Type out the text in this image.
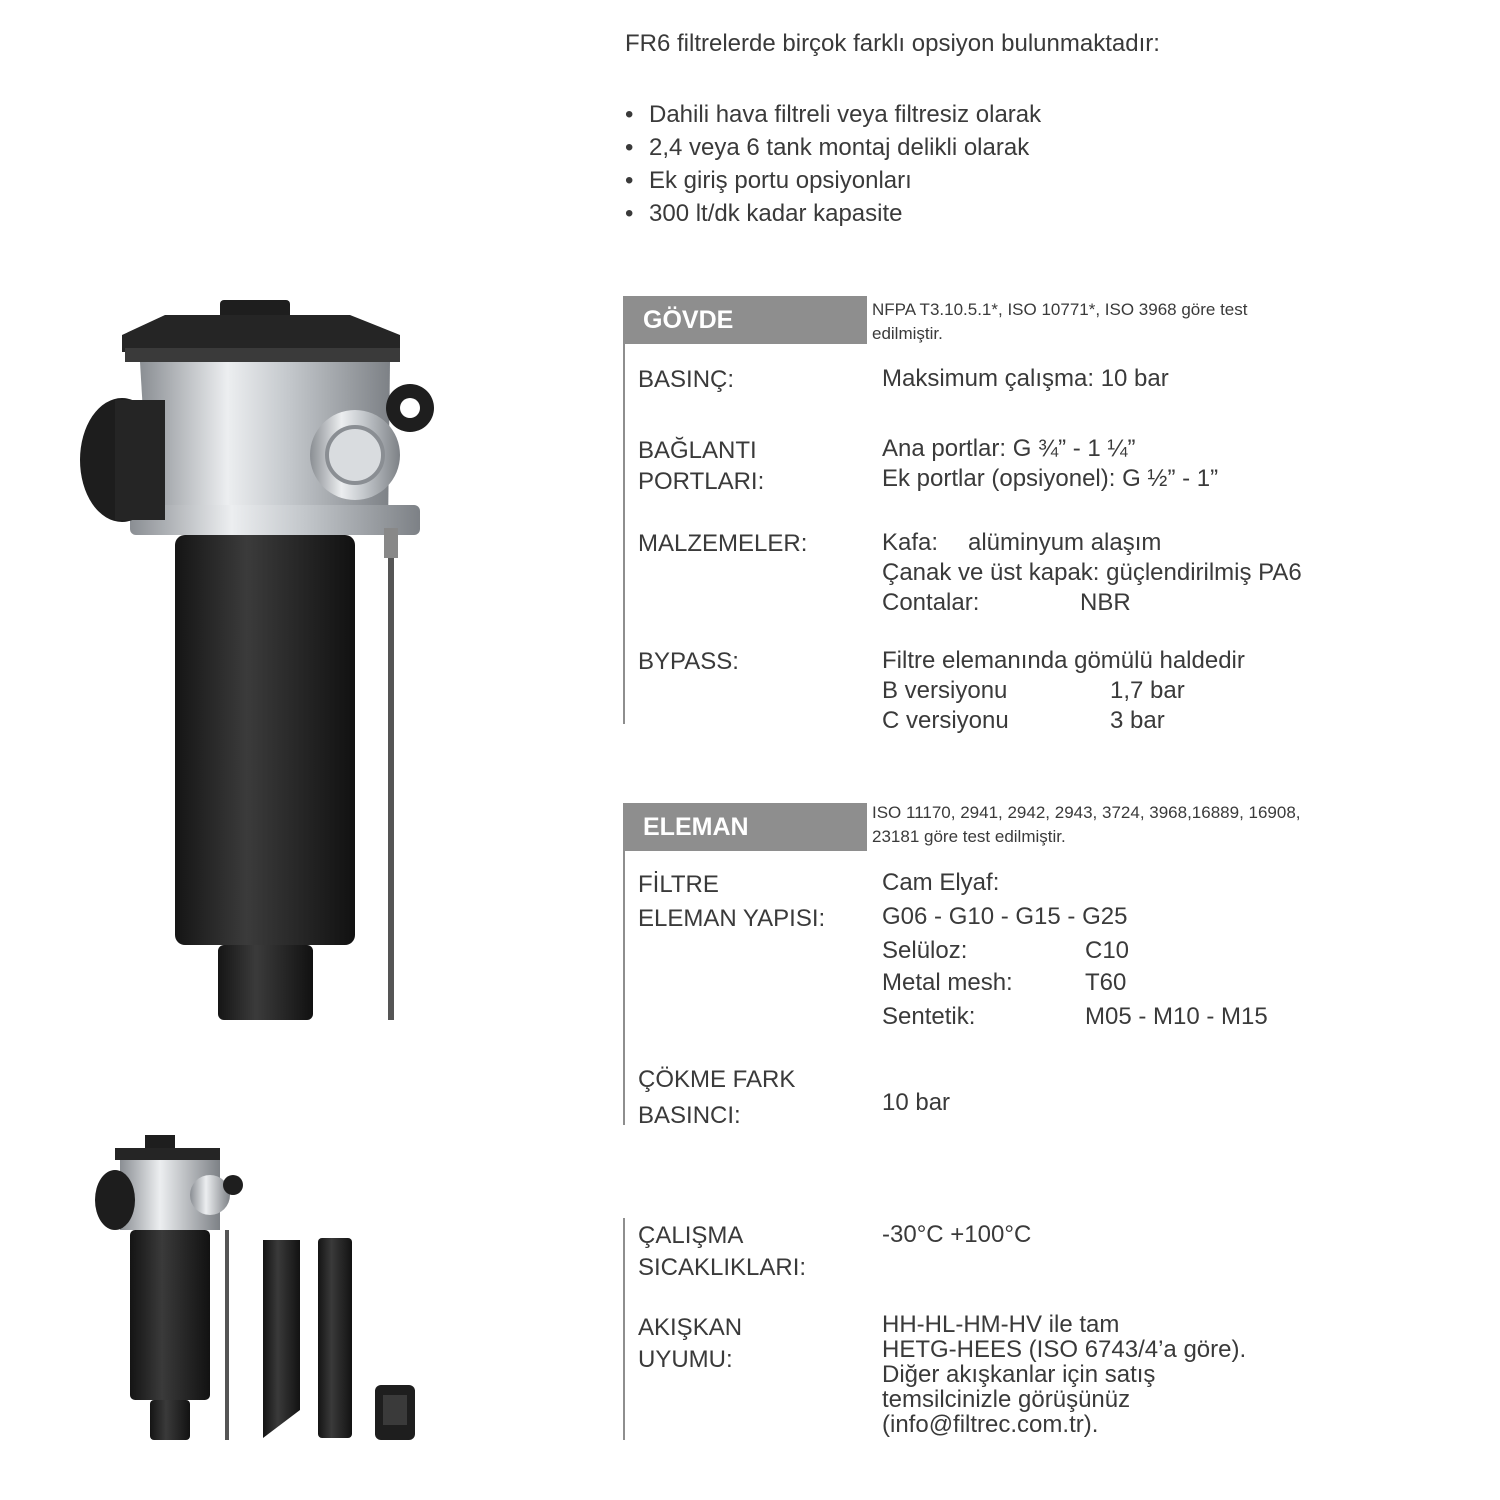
FR6 filtrelerde birçok farklı opsiyon bulunmaktadır:
• Dahili hava filtreli veya filtresiz olarak
• 2,4 veya 6 tank montaj delikli olarak
• Ek giriş portu opsiyonları
• 300 lt/dk kadar kapasite
GÖVDE	NFPA T3.10.5.1*, ISO 10771*, ISO 3968 göre test
edilmiştir.
BASINÇ:	Maksimum çalışma: 10 bar
BAĞLANTI
PORTLARI:
Ana portlar: G ¾” - 1 ¼”
Ek portlar (opsiyonel): G ½” - 1”
MALZEMELER:	Kafa: alüminyum alaşım
Çanak ve üst kapak: güçlendirilmiş PA6
Contalar:	NBR
BYPASS:	Filtre elemanında gömülü haldedir
B versiyonu	1,7 bar
C versiyonu	3 bar
ELEMAN
ISO 11170, 2941, 2942, 2943, 3724, 3968,16889, 16908,
23181 göre test edilmiştir.
FİLTRE
ELEMAN YAPISI:
Cam Elyaf:
G06 - G10 - G15 - G25
Selüloz:	C10
Metal mesh:	T60
Sentetik:	M05 - M10 - M15
ÇÖKME FARK
BASINCI:	10 bar
ÇALIŞMA
SICAKLIKLARI:
-30°C +100°C
AKIŞKAN
UYUMU:
HH-HL-HM-HV ile tam
HETG-HEES (ISO 6743/4’a göre).
Diğer akışkanlar için satış
temsilcinizle görüşünüz
(info@filtrec.com.tr).
